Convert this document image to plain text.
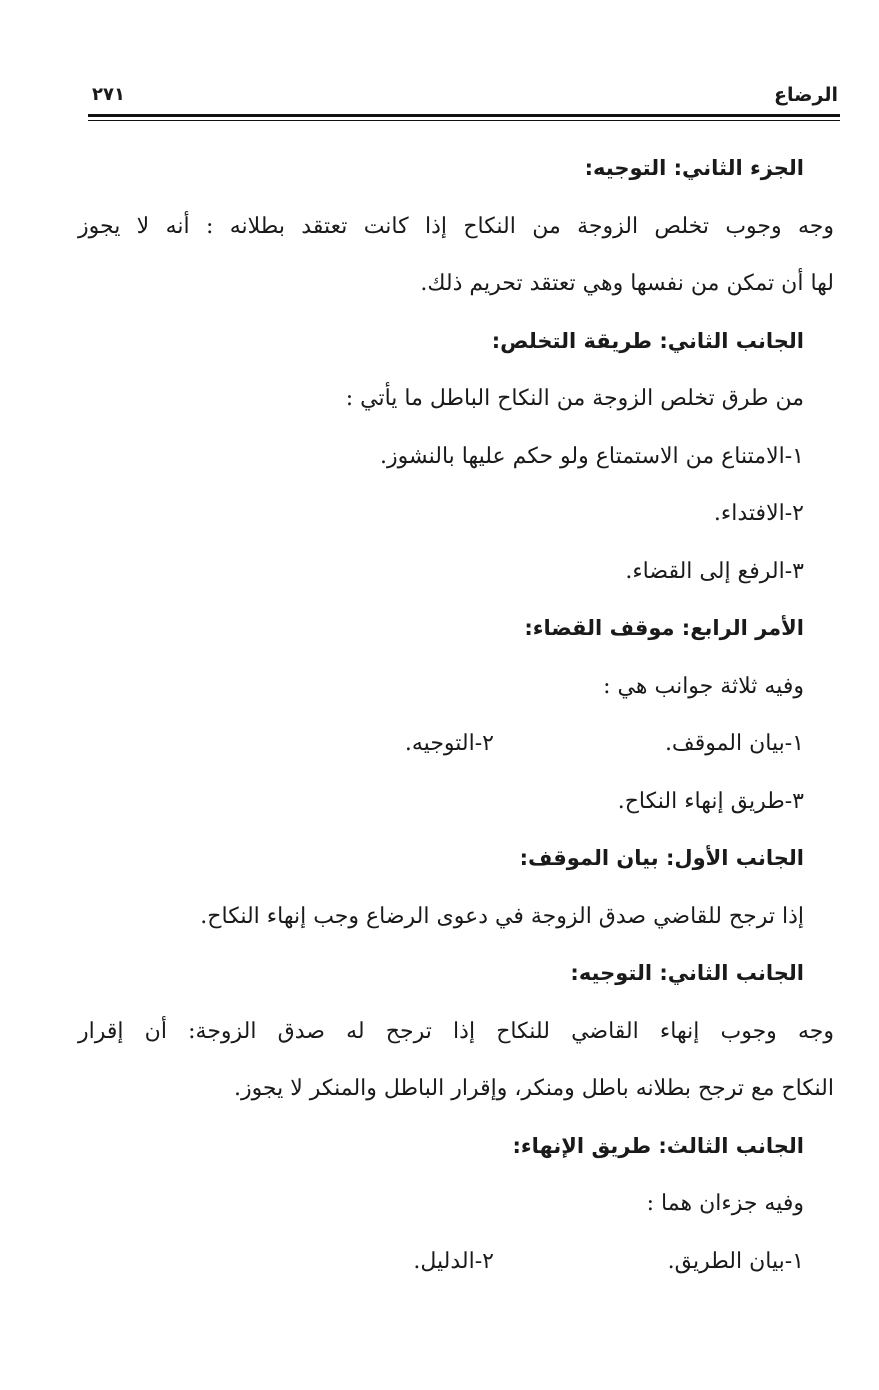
الرضاع
٢٧١
الجزء الثاني: التوجيه:
وجه وجوب تخلص الزوجة من النكاح إذا كانت تعتقد بطلانه : أنه لا يجوز
لها أن تمكن من نفسها وهي تعتقد تحريم ذلك.
الجانب الثاني: طريقة التخلص:
من طرق تخلص الزوجة من النكاح الباطل ما يأتي :
١-الامتناع من الاستمتاع ولو حكم عليها بالنشوز.
٢-الافتداء.
٣-الرفع إلى القضاء.
الأمر الرابع: موقف القضاء:
وفيه ثلاثة جوانب هي :
١-بيان الموقف.٢-التوجيه.
٣-طريق إنهاء النكاح.
الجانب الأول: بيان الموقف:
إذا ترجح للقاضي صدق الزوجة في دعوى الرضاع وجب إنهاء النكاح.
الجانب الثاني: التوجيه:
وجه وجوب إنهاء القاضي للنكاح إذا ترجح له صدق الزوجة: أن إقرار
النكاح مع ترجح بطلانه باطل ومنكر، وإقرار الباطل والمنكر لا يجوز.
الجانب الثالث: طريق الإنهاء:
وفيه جزءان هما :
١-بيان الطريق.٢-الدليل.
